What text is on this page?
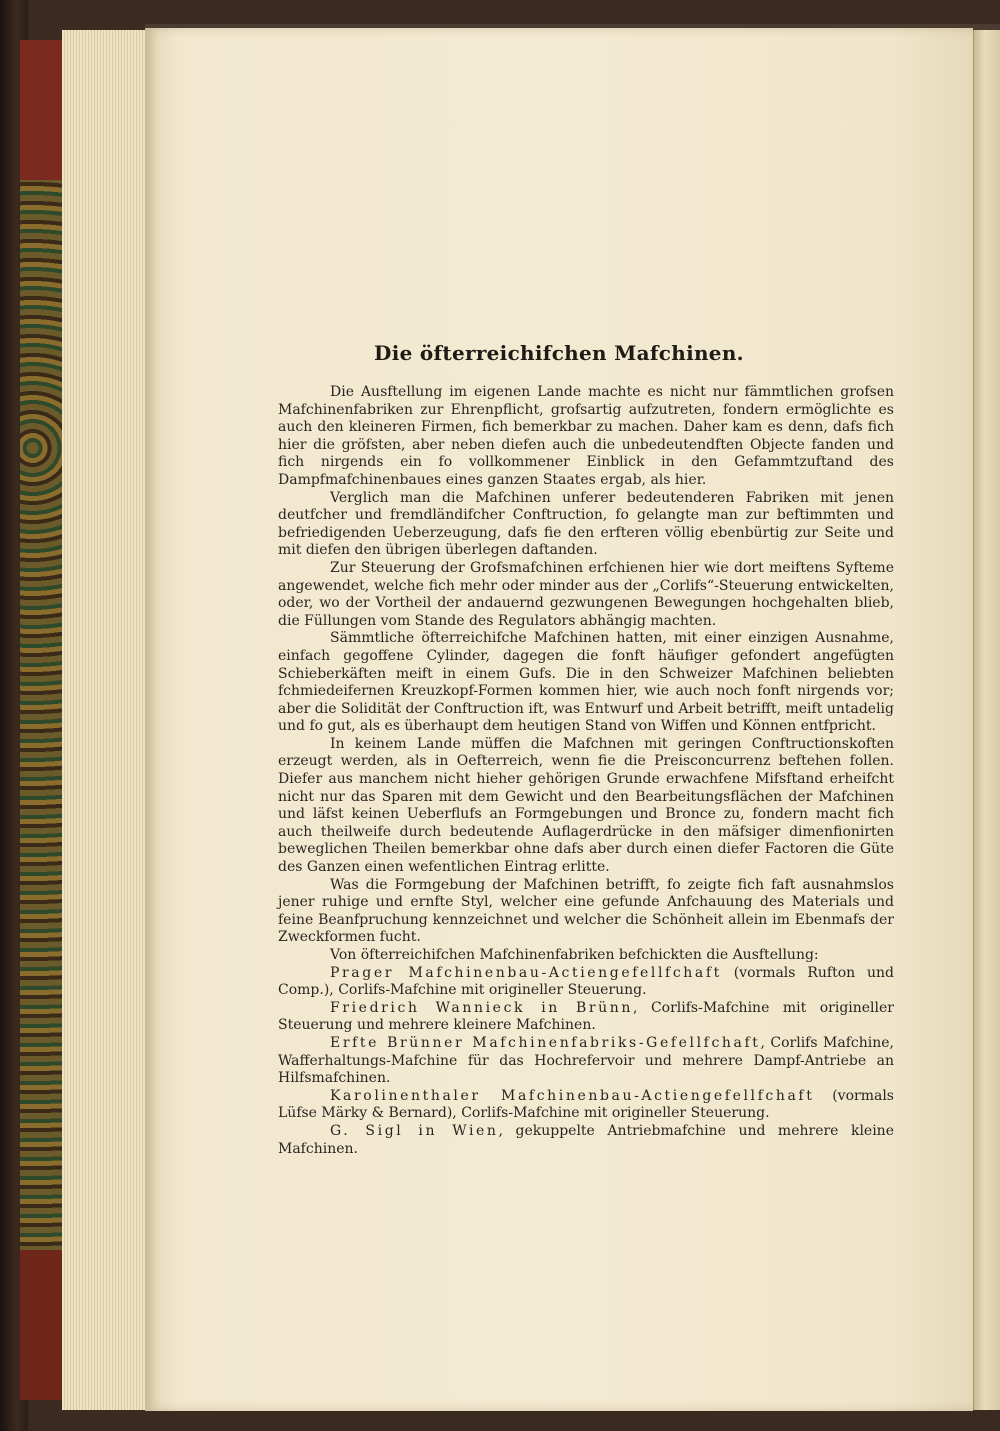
Die öfterreichifchen Mafchinen.

Die Ausftellung im eigenen Lande machte es nicht nur fämmtlichen grofsen Mafchinenfabriken zur Ehrenpflicht, grofsartig aufzutreten, fondern ermöglichte es auch den kleineren Firmen, fich bemerkbar zu machen. Daher kam es denn, dafs fich hier die gröfsten, aber neben diefen auch die unbedeutendften Objecte fanden und fich nirgends ein fo vollkommener Einblick in den Gefammtzuftand des Dampfmafchinenbaues eines ganzen Staates ergab, als hier.

Verglich man die Mafchinen unferer bedeutenderen Fabriken mit jenen deutfcher und fremdländifcher Conftruction, fo gelangte man zur beftimmten und befriedigenden Ueberzeugung, dafs fie den erfteren völlig ebenbürtig zur Seite und mit diefen den übrigen überlegen daftanden.

Zur Steuerung der Grofsmafchinen erfchienen hier wie dort meiftens Syfteme angewendet, welche fich mehr oder minder aus der „Corlifs“-Steuerung entwickelten, oder, wo der Vortheil der andauernd gezwungenen Bewegungen hochgehalten blieb, die Füllungen vom Stande des Regulators abhängig machten.

Sämmtliche öfterreichifche Mafchinen hatten, mit einer einzigen Ausnahme, einfach gegoffene Cylinder, dagegen die fonft häufiger gefondert angefügten Schieberkäften meift in einem Gufs. Die in den Schweizer Mafchinen beliebten fchmiedeifernen Kreuzkopf-Formen kommen hier, wie auch noch fonft nirgends vor; aber die Solidität der Conftruction ift, was Entwurf und Arbeit betrifft, meift untadelig und fo gut, als es überhaupt dem heutigen Stand von Wiffen und Können entfpricht.

In keinem Lande müffen die Mafchnen mit geringen Conftructionskoften erzeugt werden, als in Oefterreich, wenn fie die Preisconcurrenz beftehen follen. Diefer aus manchem nicht hieher gehörigen Grunde erwachfene Mifsftand erheifcht nicht nur das Sparen mit dem Gewicht und den Bearbeitungsflächen der Mafchinen und läfst keinen Ueberflufs an Formgebungen und Bronce zu, fondern macht fich auch theilweife durch bedeutende Auflagerdrücke in den mäfsiger dimenfionirten beweglichen Theilen bemerkbar ohne dafs aber durch einen diefer Factoren die Güte des Ganzen einen wefentlichen Eintrag erlitte.

Was die Formgebung der Mafchinen betrifft, fo zeigte fich faft ausnahmslos jener ruhige und ernfte Styl, welcher eine gefunde Anfchauung des Materials und feine Beanfpruchung kennzeichnet und welcher die Schönheit allein im Ebenmafs der Zweckformen fucht.

Von öfterreichifchen Mafchinenfabriken befchickten die Ausftellung:

Prager Mafchinenbau-Actiengefellfchaft (vormals Rufton und Comp.), Corlifs-Mafchine mit origineller Steuerung.

Friedrich Wannieck in Brünn, Corlifs-Mafchine mit origineller Steuerung und mehrere kleinere Mafchinen.

Erfte Brünner Mafchinenfabriks-Gefellfchaft, Corlifs Mafchine, Wafferhaltungs-Mafchine für das Hochrefervoir und mehrere Dampf-Antriebe an Hilfsmafchinen.

Karolinenthaler Mafchinenbau-Actiengefellfchaft (vormals Lüfse Märky & Bernard), Corlifs-Mafchine mit origineller Steuerung.

G. Sigl in Wien, gekuppelte Antriebmafchine und mehrere kleine Mafchinen.
